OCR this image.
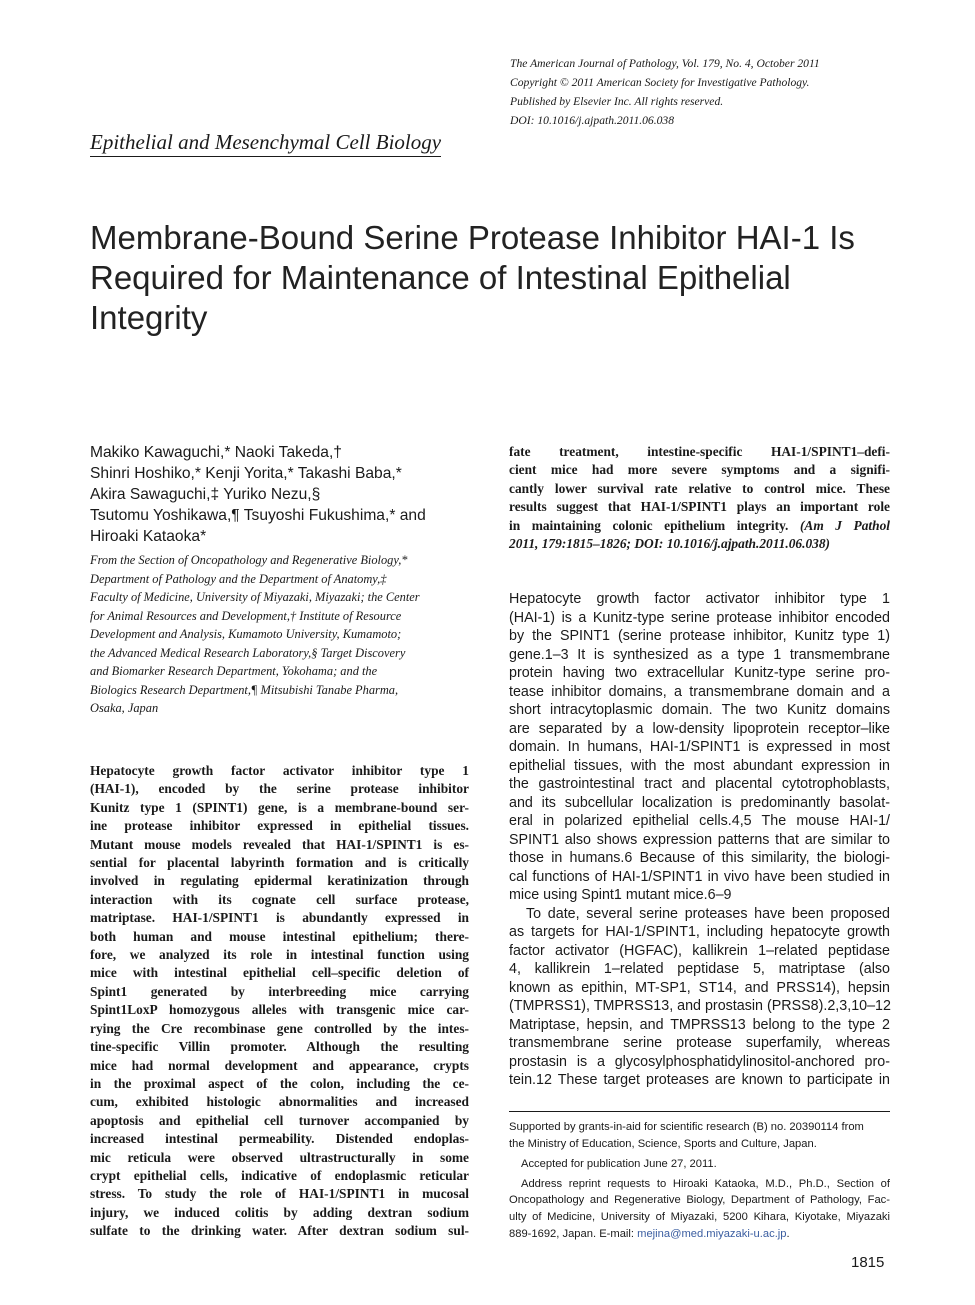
The American Journal of Pathology, Vol. 179, No. 4, October 2011
Copyright © 2011 American Society for Investigative Pathology.
Published by Elsevier Inc. All rights reserved.
DOI: 10.1016/j.ajpath.2011.06.038
Epithelial and Mesenchymal Cell Biology
Membrane-Bound Serine Protease Inhibitor HAI-1 Is
Required for Maintenance of Intestinal Epithelial
Integrity
Makiko Kawaguchi,* Naoki Takeda,†
Shinri Hoshiko,* Kenji Yorita,* Takashi Baba,*
Akira Sawaguchi,‡ Yuriko Nezu,§
Tsutomu Yoshikawa,¶ Tsuyoshi Fukushima,* and
Hiroaki Kataoka*
From the Section of Oncopathology and Regenerative Biology,*
Department of Pathology and the Department of Anatomy,‡
Faculty of Medicine, University of Miyazaki, Miyazaki; the Center
for Animal Resources and Development,† Institute of Resource
Development and Analysis, Kumamoto University, Kumamoto;
the Advanced Medical Research Laboratory,§ Target Discovery
and Biomarker Research Department, Yokohama; and the
Biologics Research Department,¶ Mitsubishi Tanabe Pharma,
Osaka, Japan
Hepatocyte growth factor activator inhibitor type 1
(HAI-1), encoded by the serine protease inhibitor
Kunitz type 1 (SPINT1) gene, is a membrane-bound ser-
ine protease inhibitor expressed in epithelial tissues.
Mutant mouse models revealed that HAI-1/SPINT1 is es-
sential for placental labyrinth formation and is critically
involved in regulating epidermal keratinization through
interaction with its cognate cell surface protease,
matriptase. HAI-1/SPINT1 is abundantly expressed in
both human and mouse intestinal epithelium; there-
fore, we analyzed its role in intestinal function using
mice with intestinal epithelial cell–specific deletion of
Spint1 generated by interbreeding mice carrying
Spint1LoxP homozygous alleles with transgenic mice car-
rying the Cre recombinase gene controlled by the intes-
tine-specific Villin promoter. Although the resulting
mice had normal development and appearance, crypts
in the proximal aspect of the colon, including the ce-
cum, exhibited histologic abnormalities and increased
apoptosis and epithelial cell turnover accompanied by
increased intestinal permeability. Distended endoplas-
mic reticula were observed ultrastructurally in some
crypt epithelial cells, indicative of endoplasmic reticular
stress. To study the role of HAI-1/SPINT1 in mucosal
injury, we induced colitis by adding dextran sodium
sulfate to the drinking water. After dextran sodium sul-
fate treatment, intestine-specific HAI-1/SPINT1–defi-
cient mice had more severe symptoms and a signifi-
cantly lower survival rate relative to control mice. These
results suggest that HAI-1/SPINT1 plays an important role
in maintaining colonic epithelium integrity. (Am J Pathol
2011, 179:1815–1826; DOI: 10.1016/j.ajpath.2011.06.038)
Hepatocyte growth factor activator inhibitor type 1
(HAI-1) is a Kunitz-type serine protease inhibitor encoded
by the SPINT1 (serine protease inhibitor, Kunitz type 1)
gene.1–3 It is synthesized as a type 1 transmembrane
protein having two extracellular Kunitz-type serine pro-
tease inhibitor domains, a transmembrane domain and a
short intracytoplasmic domain. The two Kunitz domains
are separated by a low-density lipoprotein receptor–like
domain. In humans, HAI-1/SPINT1 is expressed in most
epithelial tissues, with the most abundant expression in
the gastrointestinal tract and placental cytotrophoblasts,
and its subcellular localization is predominantly basolat-
eral in polarized epithelial cells.4,5 The mouse HAI-1/
SPINT1 also shows expression patterns that are similar to
those in humans.6 Because of this similarity, the biologi-
cal functions of HAI-1/SPINT1 in vivo have been studied in
mice using Spint1 mutant mice.6–9
To date, several serine proteases have been proposed
as targets for HAI-1/SPINT1, including hepatocyte growth
factor activator (HGFAC), kallikrein 1–related peptidase
4, kallikrein 1–related peptidase 5, matriptase (also
known as epithin, MT-SP1, ST14, and PRSS14), hepsin
(TMPRSS1), TMPRSS13, and prostasin (PRSS8).2,3,10–12
Matriptase, hepsin, and TMPRSS13 belong to the type 2
transmembrane serine protease superfamily, whereas
prostasin is a glycosylphosphatidylinositol-anchored pro-
tein.12 These target proteases are known to participate in
Supported by grants-in-aid for scientific research (B) no. 20390114 from
the Ministry of Education, Science, Sports and Culture, Japan.
Accepted for publication June 27, 2011.
Address reprint requests to Hiroaki Kataoka, M.D., Ph.D., Section of
Oncopathology and Regenerative Biology, Department of Pathology, Fac-
ulty of Medicine, University of Miyazaki, 5200 Kihara, Kiyotake, Miyazaki
889-1692, Japan. E-mail: mejina@med.miyazaki-u.ac.jp.
1815
